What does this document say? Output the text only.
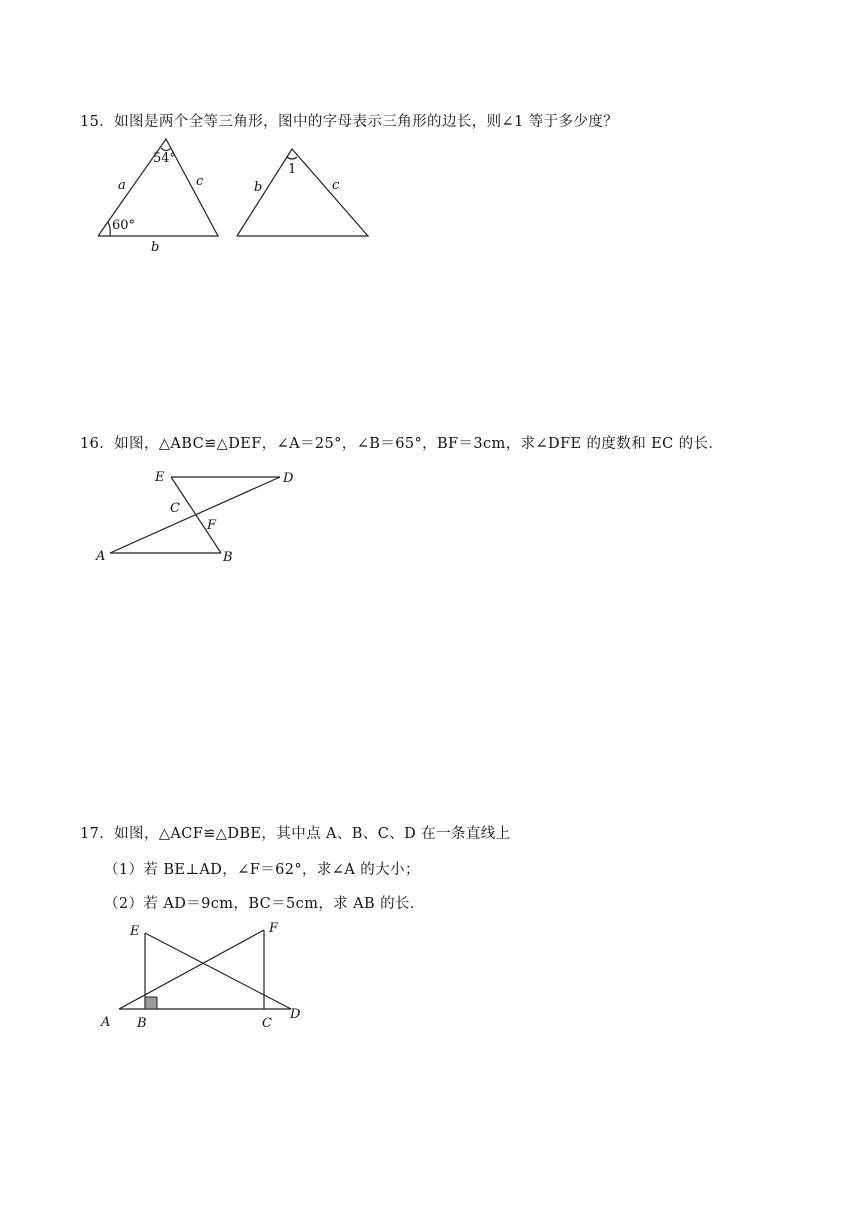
15．如图是两个全等三角形，图中的字母表示三角形的边长，则∠1 等于多少度？
54°
a	c
60°
b
1
b	c
16．如图，△ABC≌△DEF，∠A＝25°，∠B＝65°，BF＝3cm，求∠DFE 的度数和 EC 的长．
E	D
C
F
A	B
17．如图，△ACF≌△DBE，其中点 A、B、C、D 在一条直线上
（1）若 BE⊥AD，∠F＝62°，求∠A 的大小；
（2）若 AD＝9cm，BC＝5cm，求 AB 的长．
E	F
A B	C
D
